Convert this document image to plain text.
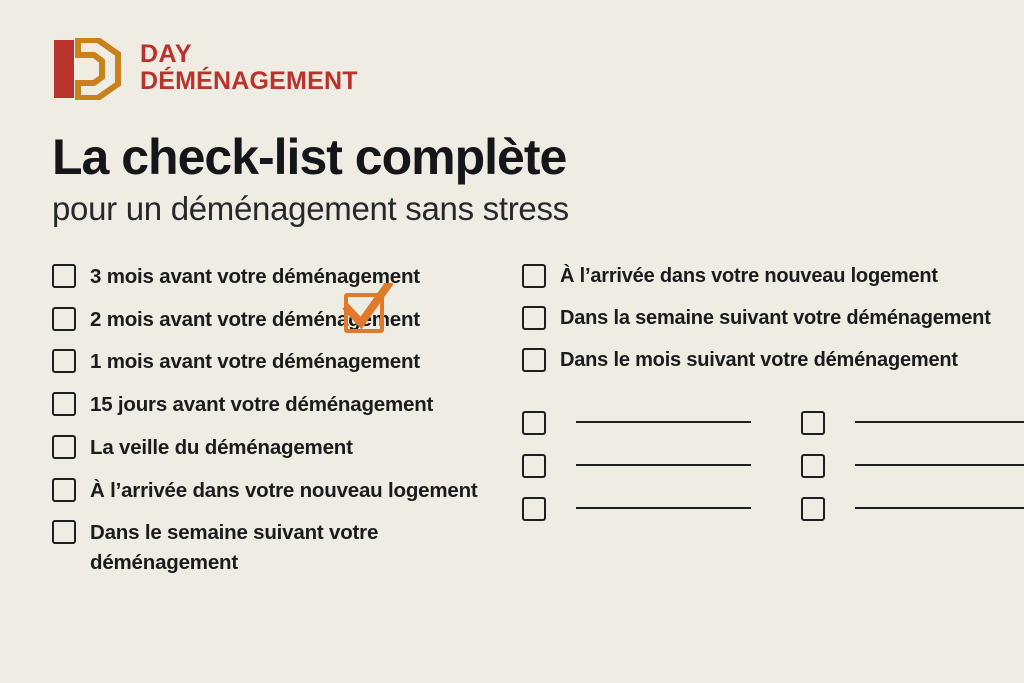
DAY
DÉMÉNAGEMENT
La check-list complète
pour un déménagement sans stress
3 mois avant votre déménagement
2 mois avant votre déménagement
1 mois avant votre déménagement
15 jours avant votre déménagement
La veille du déménagement
À l’arrivée dans votre nouveau logement
Dans le semaine suivant votre déménagement
À l’arrivée dans votre nouveau logement
Dans la semaine suivant votre déménagement
Dans le mois suivant votre déménagement
